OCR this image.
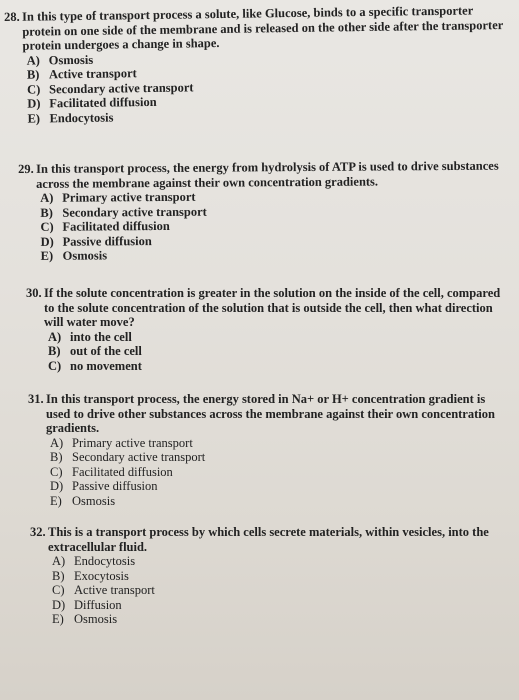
28. In this type of transport process a solute, like Glucose, binds to a specific transporter protein on one side of the membrane and is released on the other side after the transporter protein undergoes a change in shape.
A) Osmosis
B) Active transport
C) Secondary active transport
D) Facilitated diffusion
E) Endocytosis
29. In this transport process, the energy from hydrolysis of ATP is used to drive substances across the membrane against their own concentration gradients.
A) Primary active transport
B) Secondary active transport
C) Facilitated diffusion
D) Passive diffusion
E) Osmosis
30. If the solute concentration is greater in the solution on the inside of the cell, compared to the solute concentration of the solution that is outside the cell, then what direction will water move?
A) into the cell
B) out of the cell
C) no movement
31. In this transport process, the energy stored in Na+ or H+ concentration gradient is used to drive other substances across the membrane against their own concentration gradients.
A) Primary active transport
B) Secondary active transport
C) Facilitated diffusion
D) Passive diffusion
E) Osmosis
32. This is a transport process by which cells secrete materials, within vesicles, into the extracellular fluid.
A) Endocytosis
B) Exocytosis
C) Active transport
D) Diffusion
E) Osmosis
